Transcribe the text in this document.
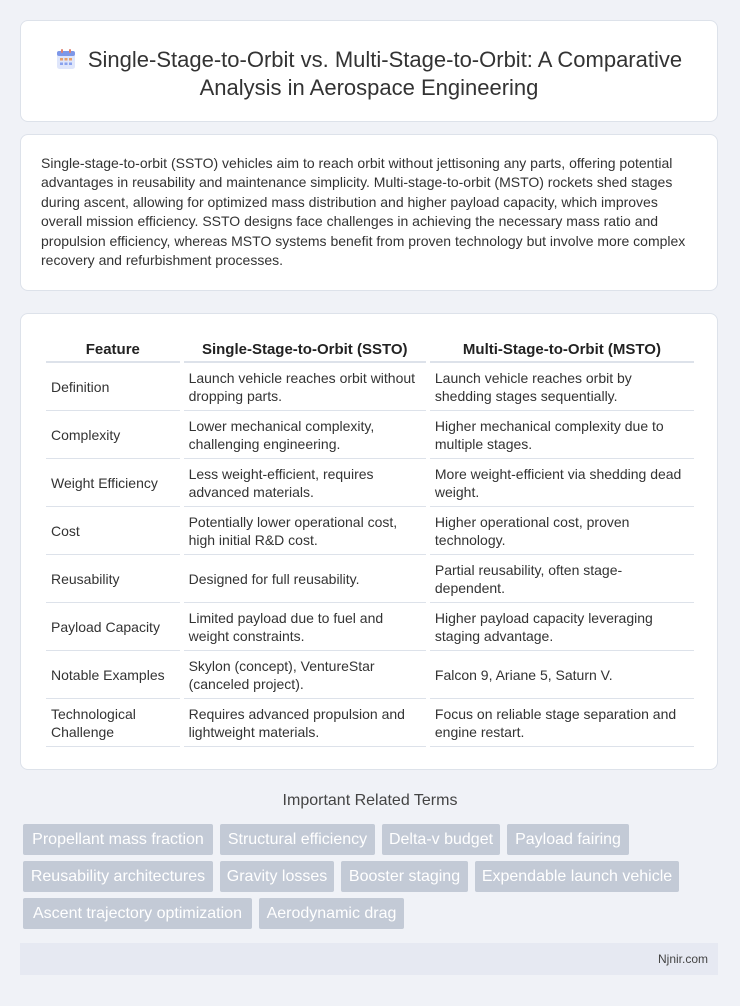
Single-Stage-to-Orbit vs. Multi-Stage-to-Orbit: A Comparative Analysis in Aerospace Engineering

Single-stage-to-orbit (SSTO) vehicles aim to reach orbit without jettisoning any parts, offering potential advantages in reusability and maintenance simplicity. Multi-stage-to-orbit (MSTO) rockets shed stages during ascent, allowing for optimized mass distribution and higher payload capacity, which improves overall mission efficiency. SSTO designs face challenges in achieving the necessary mass ratio and propulsion efficiency, whereas MSTO systems benefit from proven technology but involve more complex recovery and refurbishment processes.

Feature	Single-Stage-to-Orbit (SSTO)	Multi-Stage-to-Orbit (MSTO)
Definition	Launch vehicle reaches orbit without dropping parts.	Launch vehicle reaches orbit by shedding stages sequentially.
Complexity	Lower mechanical complexity, challenging engineering.	Higher mechanical complexity due to multiple stages.
Weight Efficiency	Less weight-efficient, requires advanced materials.	More weight-efficient via shedding dead weight.
Cost	Potentially lower operational cost, high initial R&D cost.	Higher operational cost, proven technology.
Reusability	Designed for full reusability.	Partial reusability, often stage-dependent.
Payload Capacity	Limited payload due to fuel and weight constraints.	Higher payload capacity leveraging staging advantage.
Notable Examples	Skylon (concept), VentureStar (canceled project).	Falcon 9, Ariane 5, Saturn V.
Technological Challenge	Requires advanced propulsion and lightweight materials.	Focus on reliable stage separation and engine restart.
Important Related Terms
Propellant mass fraction	Structural efficiency	Delta-v budget	Payload fairing
Reusability architectures	Gravity losses	Booster staging	Expendable launch vehicle
Ascent trajectory optimization	Aerodynamic drag
Njnir.com
